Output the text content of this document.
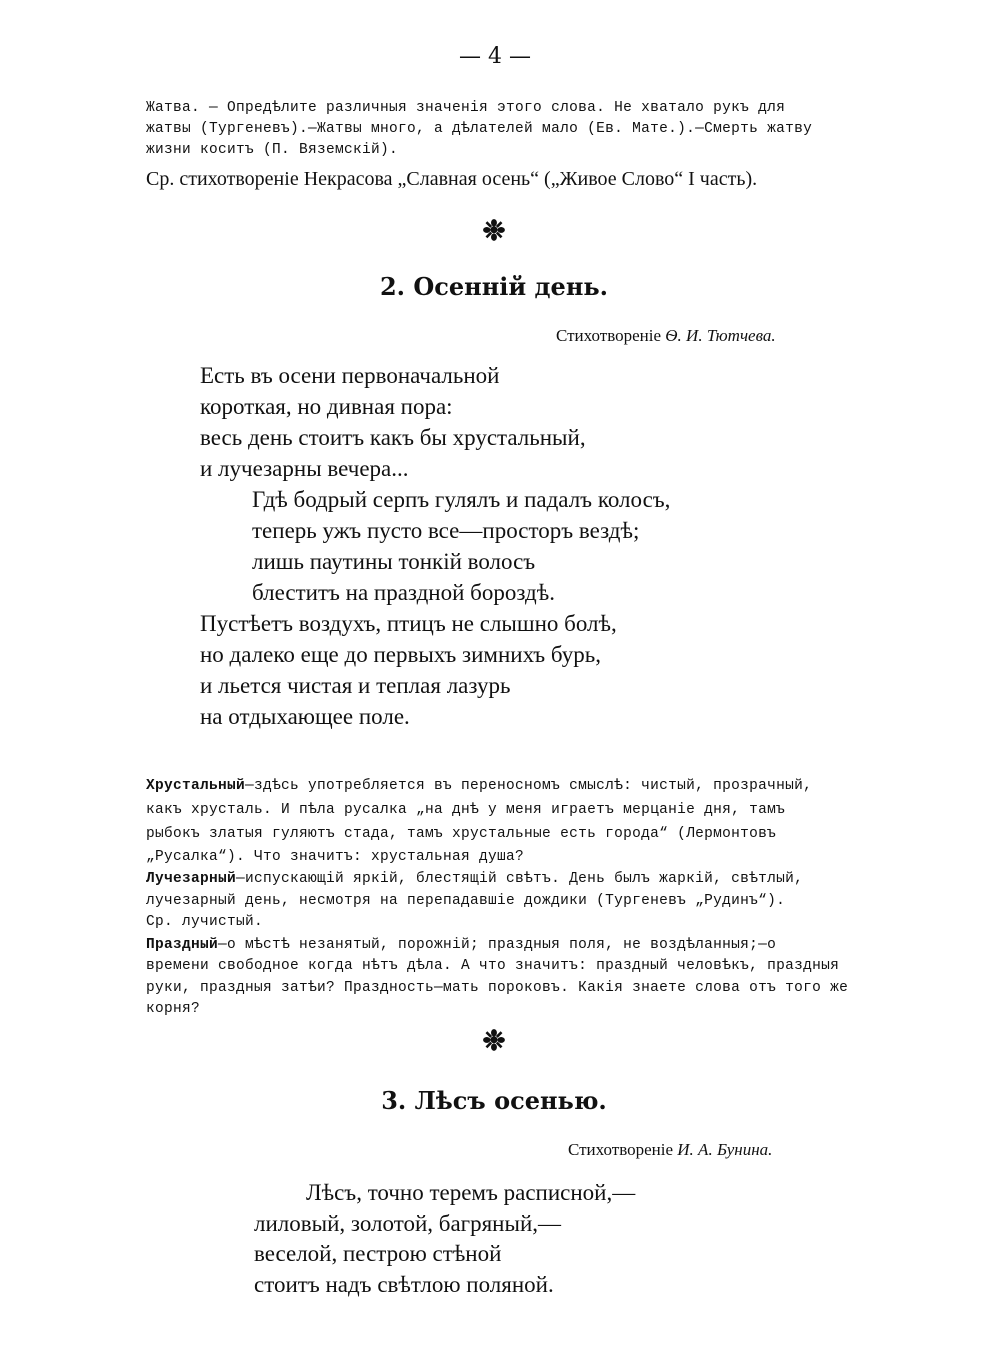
— 4 —
Жатва. — Опредѣлите различныя значенія этого слова. Не хватало рукъ для
жатвы (Тургеневъ).—Жатвы много, а дѣлателей мало (Ев. Мате.).—Смерть жатву
жизни коситъ (П. Вяземскій).
Ср. стихотвореніе Некрасова „Славная осень“ („Живое Слово“ I часть).
❉
2. Осеннiй день.
Стихотвореніе Ѳ. И. Тютчева.
Есть въ осени первоначальной
короткая, но дивная пора:
весь день стоитъ какъ бы хрустальный,
и лучезарны вечера...
Гдѣ бодрый серпъ гулялъ и падалъ колосъ,
теперь ужъ пусто все—просторъ вездѣ;
лишь паутины тонкій волосъ
блеститъ на праздной бороздѣ.
Пустѣетъ воздухъ, птицъ не слышно болѣ,
но далеко еще до первыхъ зимнихъ бурь,
и льется чистая и теплая лазурь
на отдыхающее поле.
Хрустальный—здѣсь употребляется въ переносномъ смыслѣ: чистый, прозрачный,
какъ хрусталь. И пѣла русалка „на днѣ у меня играетъ мерцаніе дня, тамъ
рыбокъ златыя гуляютъ стада, тамъ хрустальные есть города“ (Лермонтовъ
„Русалка“). Что значитъ: хрустальная душа?
Лучезарный—испускающій яркій, блестящій свѣтъ. День былъ жаркій, свѣтлый,
лучезарный день, несмотря на перепадавшіе дождики (Тургеневъ „Рудинъ“).
Ср. лучистый.
Праздный—о мѣстѣ незанятый, порожній; праздныя поля, не воздѣланныя;—о
времени свободное когда нѣтъ дѣла. А что значитъ: праздный человѣкъ, праздныя
руки, праздныя затѣи? Праздность—мать пороковъ. Какія знаете слова отъ того же
корня?
❉
3. Лѣсъ осенью.
Стихотвореніе И. А. Бунина.
Лѣсъ, точно теремъ расписной,—
лиловый, золотой, багряный,—
веселой, пестрою стѣной
стоитъ надъ свѣтлою поляной.
